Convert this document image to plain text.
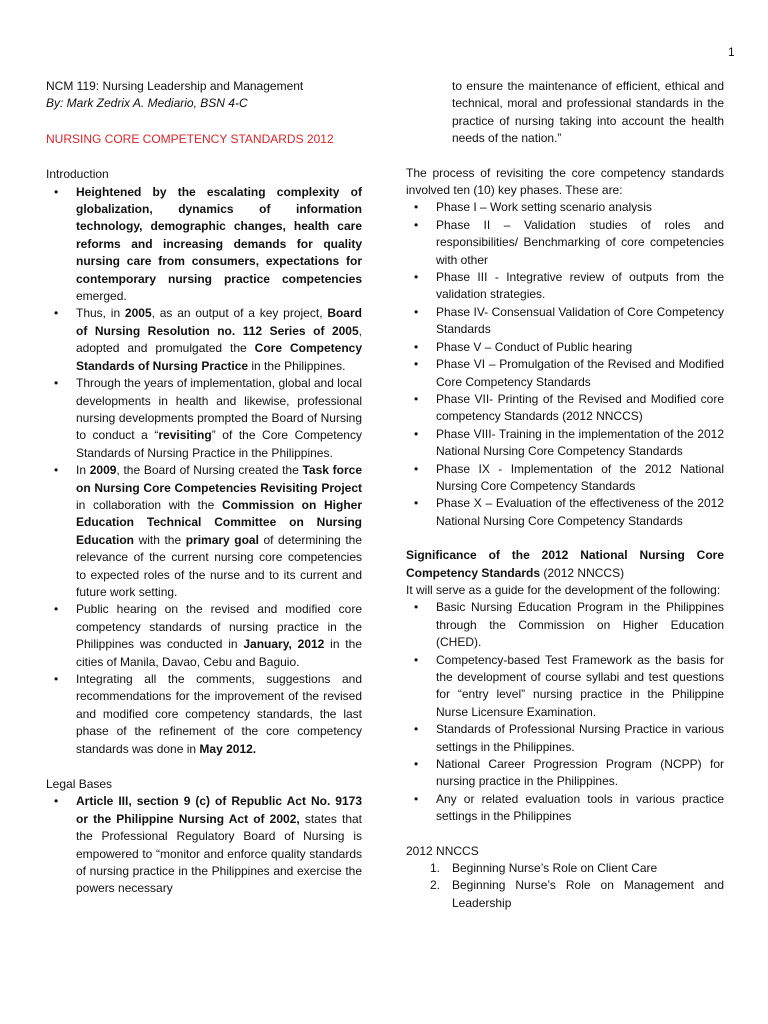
1

NCM 119: Nursing Leadership and Management

By: Mark Zedrix A. Mediario, BSN 4-C

NURSING CORE COMPETENCY STANDARDS 2012

Introduction

• Heightened by the escalating complexity of globalization, dynamics of information technology, demographic changes, health care reforms and increasing demands for quality nursing care from consumers, expectations for contemporary nursing practice competencies emerged.
• Thus, in 2005, as an output of a key project, Board of Nursing Resolution no. 112 Series of 2005, adopted and promulgated the Core Competency Standards of Nursing Practice in the Philippines.
• Through the years of implementation, global and local developments in health and likewise, professional nursing developments prompted the Board of Nursing to conduct a “revisiting” of the Core Competency Standards of Nursing Practice in the Philippines.
• In 2009, the Board of Nursing created the Task force on Nursing Core Competencies Revisiting Project in collaboration with the Commission on Higher Education Technical Committee on Nursing Education with the primary goal of determining the relevance of the current nursing core competencies to expected roles of the nurse and to its current and future work setting.
• Public hearing on the revised and modified core competency standards of nursing practice in the Philippines was conducted in January, 2012 in the cities of Manila, Davao, Cebu and Baguio.
• Integrating all the comments, suggestions and recommendations for the improvement of the revised and modified core competency standards, the last phase of the refinement of the core competency standards was done in May 2012.

Legal Bases

• Article III, section 9 (c) of Republic Act No. 9173 or the Philippine Nursing Act of 2002, states that the Professional Regulatory Board of Nursing is empowered to “monitor and enforce quality standards of nursing practice in the Philippines and exercise the powers necessary

to ensure the maintenance of efficient, ethical and technical, moral and professional standards in the practice of nursing taking into account the health needs of the nation.”

The process of revisiting the core competency standards involved ten (10) key phases. These are:

• Phase I – Work setting scenario analysis
• Phase II – Validation studies of roles and responsibilities/ Benchmarking of core competencies with other
• Phase III - Integrative review of outputs from the validation strategies.
• Phase IV- Consensual Validation of Core Competency Standards
• Phase V – Conduct of Public hearing
• Phase VI – Promulgation of the Revised and Modified Core Competency Standards
• Phase VII- Printing of the Revised and Modified core competency Standards (2012 NNCCS)
• Phase VIII- Training in the implementation of the 2012 National Nursing Core Competency Standards
• Phase IX - Implementation of the 2012 National Nursing Core Competency Standards
• Phase X – Evaluation of the effectiveness of the 2012 National Nursing Core Competency Standards

Significance of the 2012 National Nursing Core Competency Standards (2012 NNCCS)

It will serve as a guide for the development of the following:

• Basic Nursing Education Program in the Philippines through the Commission on Higher Education (CHED).
• Competency-based Test Framework as the basis for the development of course syllabi and test questions for “entry level” nursing practice in the Philippine Nurse Licensure Examination.
• Standards of Professional Nursing Practice in various settings in the Philippines.
• National Career Progression Program (NCPP) for nursing practice in the Philippines.
• Any or related evaluation tools in various practice settings in the Philippines

2012 NNCCS

1. Beginning Nurse’s Role on Client Care
2. Beginning Nurse’s Role on Management and Leadership
